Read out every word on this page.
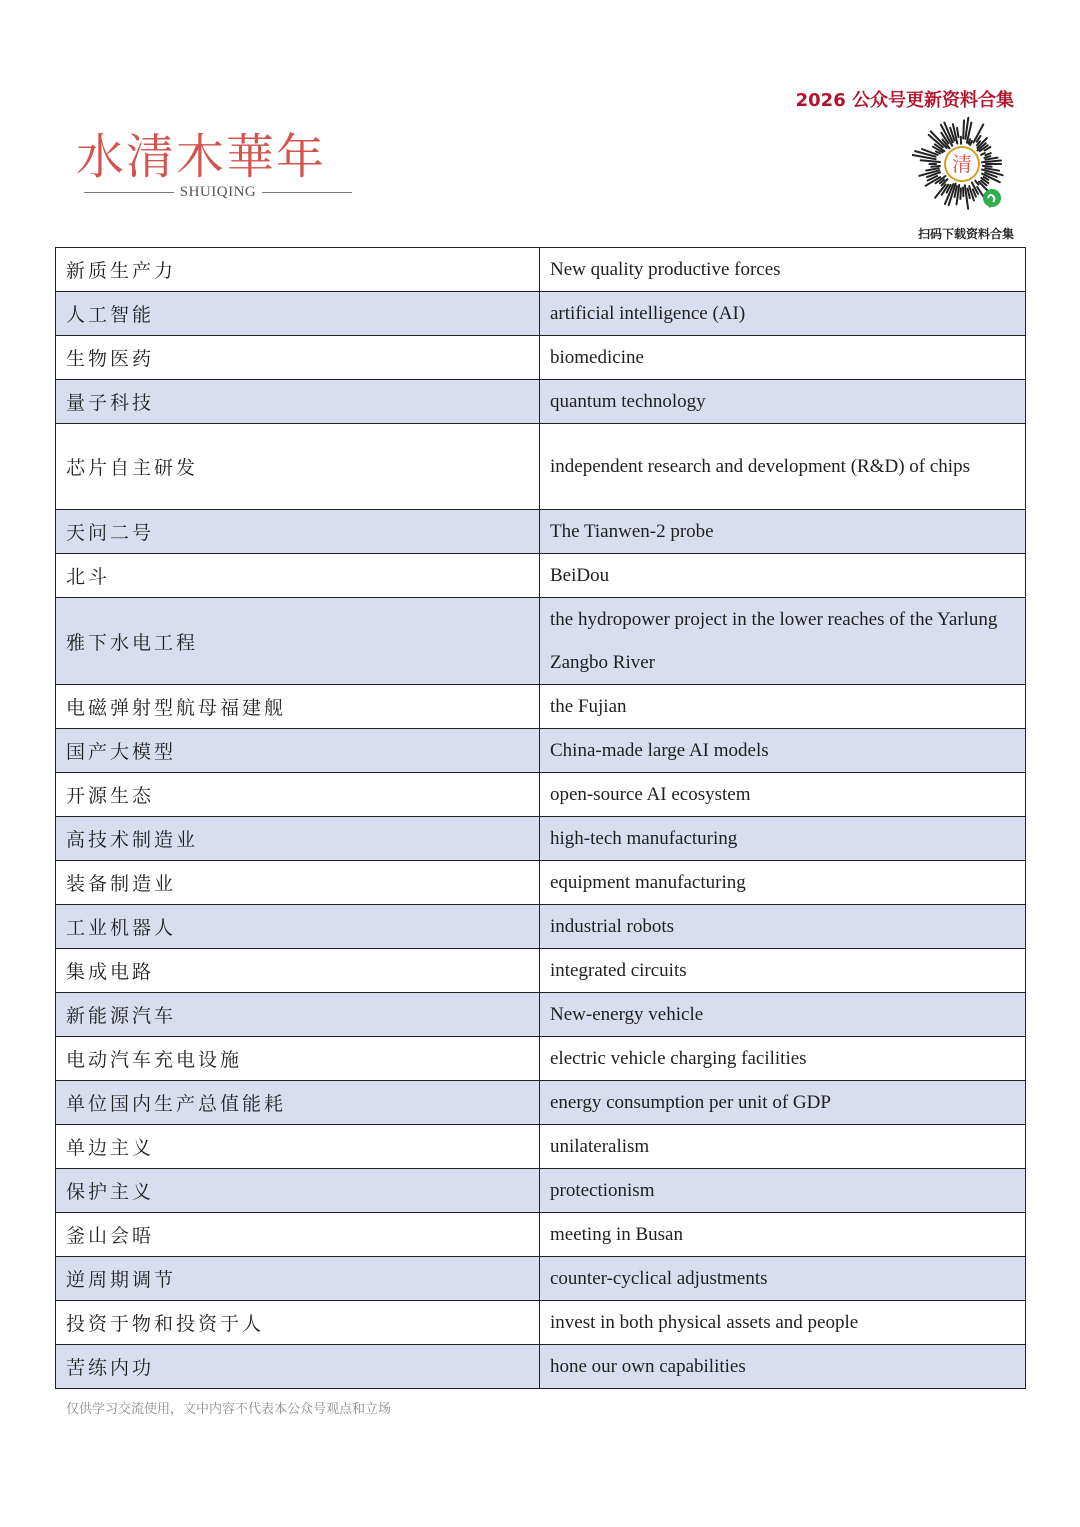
水清木華年
SHUIQING
2026 公众号更新资料合集
清
扫码下载资料合集
新质生产力	New quality productive forces
人工智能	artificial intelligence (AI)
生物医药	biomedicine
量子科技	quantum technology
芯片自主研发	independent research and development (R&D) of chips
天问二号	The Tianwen-2 probe
北斗	BeiDou
雅下水电工程	the hydropower project in the lower reaches of the Yarlung Zangbo River
电磁弹射型航母福建舰	the Fujian
国产大模型	China-made large AI models
开源生态	open-source AI ecosystem
高技术制造业	high-tech manufacturing
装备制造业	equipment manufacturing
工业机器人	industrial robots
集成电路	integrated circuits
新能源汽车	New-energy vehicle
电动汽车充电设施	electric vehicle charging facilities
单位国内生产总值能耗	energy consumption per unit of GDP
单边主义	unilateralism
保护主义	protectionism
釜山会晤	meeting in Busan
逆周期调节	counter-cyclical adjustments
投资于物和投资于人	invest in both physical assets and people
苦练内功	hone our own capabilities
仅供学习交流使用，文中内容不代表本公众号观点和立场
